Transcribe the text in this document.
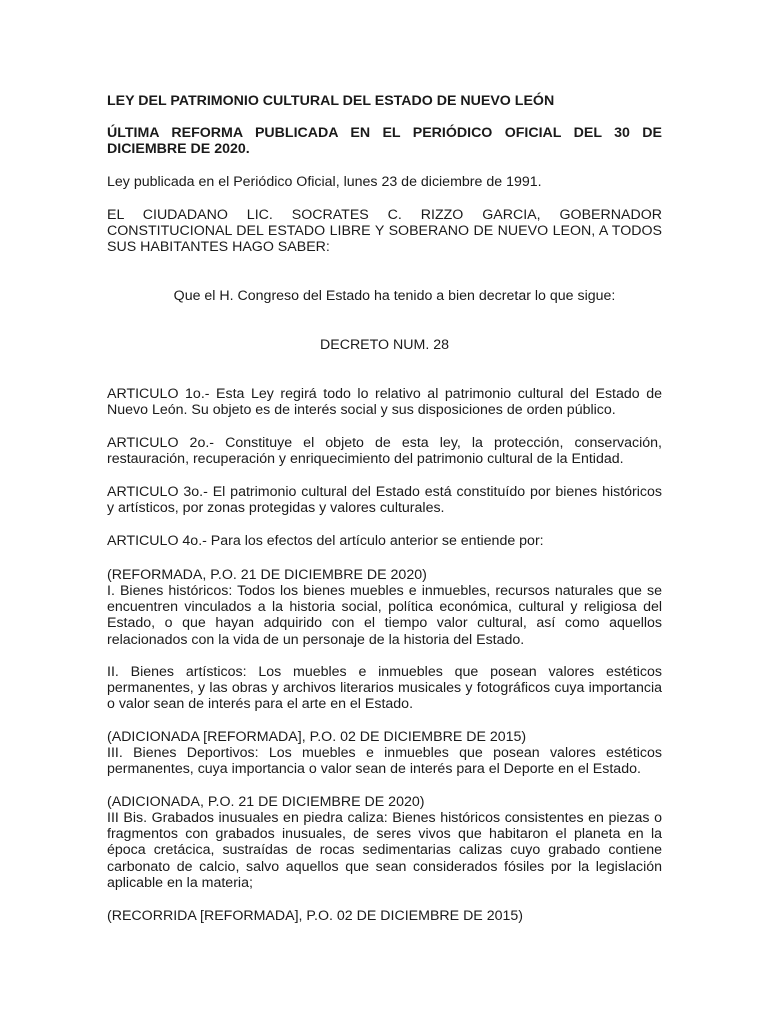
LEY DEL PATRIMONIO CULTURAL DEL ESTADO DE NUEVO LEÓN
ÚLTIMA REFORMA PUBLICADA EN EL PERIÓDICO OFICIAL DEL 30 DE DICIEMBRE DE 2020.
Ley publicada en el Periódico Oficial, lunes 23 de diciembre de 1991.
EL CIUDADANO LIC. SOCRATES C. RIZZO GARCIA, GOBERNADOR
CONSTITUCIONAL DEL ESTADO LIBRE Y SOBERANO DE NUEVO LEON, A TODOS
SUS HABITANTES HAGO SABER:
Que el H. Congreso del Estado ha tenido a bien decretar lo que sigue:
DECRETO NUM. 28
ARTICULO 1o.- Esta Ley regirá todo lo relativo al patrimonio cultural del Estado de Nuevo León. Su objeto es de interés social y sus disposiciones de orden público.
ARTICULO 2o.- Constituye el objeto de esta ley, la protección, conservación, restauración, recuperación y enriquecimiento del patrimonio cultural de la Entidad.
ARTICULO 3o.- El patrimonio cultural del Estado está constituído por bienes históricos y artísticos, por zonas protegidas y valores culturales.
ARTICULO 4o.- Para los efectos del artículo anterior se entiende por:
(REFORMADA, P.O. 21 DE DICIEMBRE DE 2020)
I. Bienes históricos: Todos los bienes muebles e inmuebles, recursos naturales que se encuentren vinculados a la historia social, política económica, cultural y religiosa del Estado, o que hayan adquirido con el tiempo valor cultural, así como aquellos relacionados con la vida de un personaje de la historia del Estado.
II. Bienes artísticos: Los muebles e inmuebles que posean valores estéticos permanentes, y las obras y archivos literarios musicales y fotográficos cuya importancia o valor sean de interés para el arte en el Estado.
(ADICIONADA [REFORMADA], P.O. 02 DE DICIEMBRE DE 2015)
III. Bienes Deportivos: Los muebles e inmuebles que posean valores estéticos permanentes, cuya importancia o valor sean de interés para el Deporte en el Estado.
(ADICIONADA, P.O. 21 DE DICIEMBRE DE 2020)
III Bis. Grabados inusuales en piedra caliza: Bienes históricos consistentes en piezas o fragmentos con grabados inusuales, de seres vivos que habitaron el planeta en la época cretácica, sustraídas de rocas sedimentarias calizas cuyo grabado contiene carbonato de calcio, salvo aquellos que sean considerados fósiles por la legislación aplicable en la materia;
(RECORRIDA [REFORMADA], P.O. 02 DE DICIEMBRE DE 2015)
